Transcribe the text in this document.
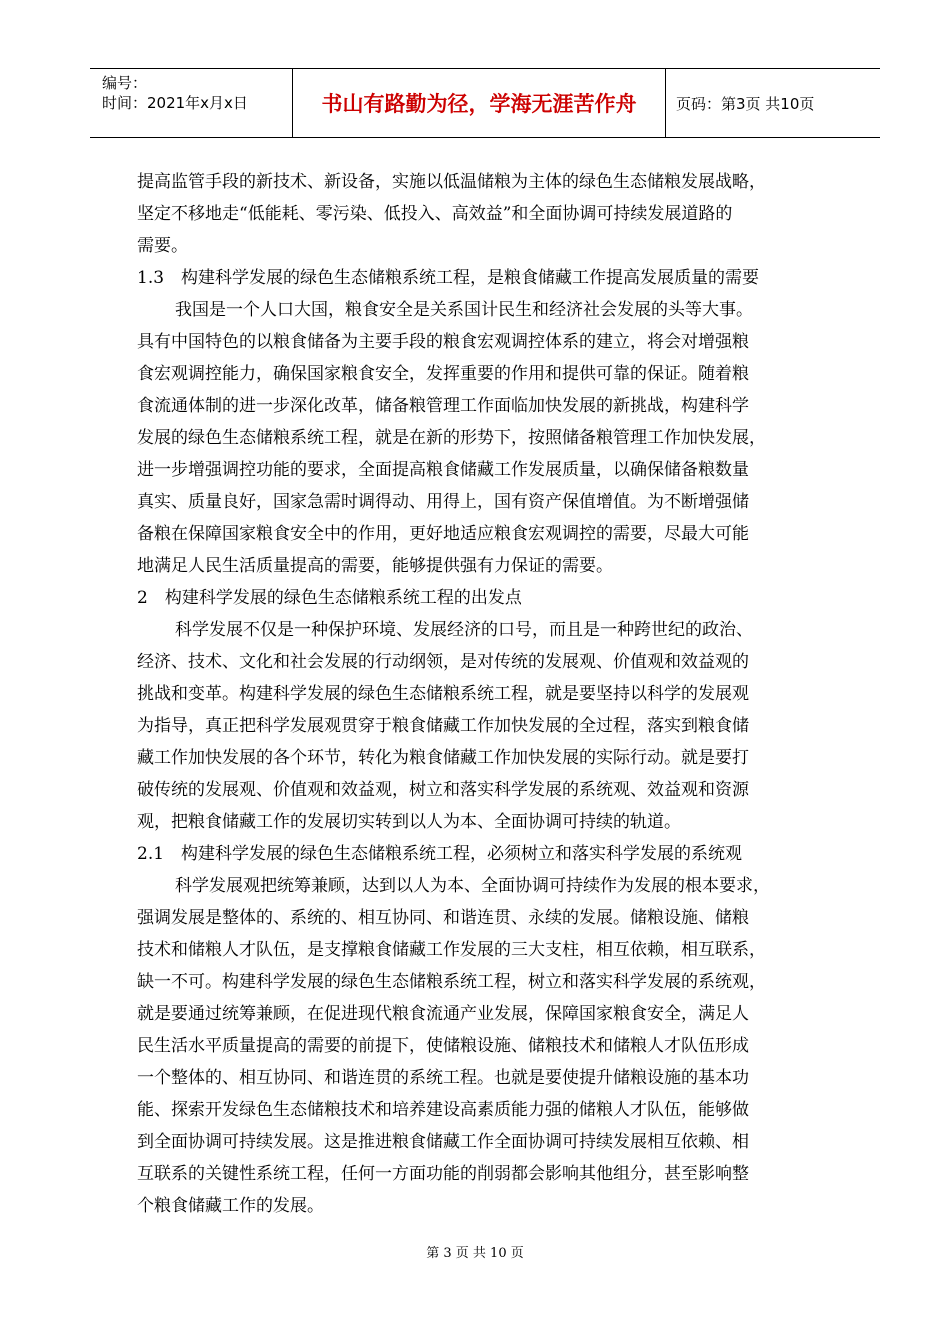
编号：
时间：2021年x月x日	书山有路勤为径，学海无涯苦作舟	页码：第3页 共10页
提高监管手段的新技术、新设备，实施以低温储粮为主体的绿色生态储粮发展战略，
坚定不移地走“低能耗、零污染、低投入、高效益”和全面协调可持续发展道路的
需要。
1.3　构建科学发展的绿色生态储粮系统工程，是粮食储藏工作提高发展质量的需要
我国是一个人口大国，粮食安全是关系国计民生和经济社会发展的头等大事。
具有中国特色的以粮食储备为主要手段的粮食宏观调控体系的建立，将会对增强粮
食宏观调控能力，确保国家粮食安全，发挥重要的作用和提供可靠的保证。随着粮
食流通体制的进一步深化改革，储备粮管理工作面临加快发展的新挑战，构建科学
发展的绿色生态储粮系统工程，就是在新的形势下，按照储备粮管理工作加快发展，
进一步增强调控功能的要求，全面提高粮食储藏工作发展质量，以确保储备粮数量
真实、质量良好，国家急需时调得动、用得上，国有资产保值增值。为不断增强储
备粮在保障国家粮食安全中的作用，更好地适应粮食宏观调控的需要，尽最大可能
地满足人民生活质量提高的需要，能够提供强有力保证的需要。
2　构建科学发展的绿色生态储粮系统工程的出发点
科学发展不仅是一种保护环境、发展经济的口号，而且是一种跨世纪的政治、
经济、技术、文化和社会发展的行动纲领，是对传统的发展观、价值观和效益观的
挑战和变革。构建科学发展的绿色生态储粮系统工程，就是要坚持以科学的发展观
为指导，真正把科学发展观贯穿于粮食储藏工作加快发展的全过程，落实到粮食储
藏工作加快发展的各个环节，转化为粮食储藏工作加快发展的实际行动。就是要打
破传统的发展观、价值观和效益观，树立和落实科学发展的系统观、效益观和资源
观，把粮食储藏工作的发展切实转到以人为本、全面协调可持续的轨道。
2.1　构建科学发展的绿色生态储粮系统工程，必须树立和落实科学发展的系统观
科学发展观把统筹兼顾，达到以人为本、全面协调可持续作为发展的根本要求，
强调发展是整体的、系统的、相互协同、和谐连贯、永续的发展。储粮设施、储粮
技术和储粮人才队伍，是支撑粮食储藏工作发展的三大支柱，相互依赖，相互联系，
缺一不可。构建科学发展的绿色生态储粮系统工程，树立和落实科学发展的系统观，
就是要通过统筹兼顾，在促进现代粮食流通产业发展，保障国家粮食安全，满足人
民生活水平质量提高的需要的前提下，使储粮设施、储粮技术和储粮人才队伍形成
一个整体的、相互协同、和谐连贯的系统工程。也就是要使提升储粮设施的基本功
能、探索开发绿色生态储粮技术和培养建设高素质能力强的储粮人才队伍，能够做
到全面协调可持续发展。这是推进粮食储藏工作全面协调可持续发展相互依赖、相
互联系的关键性系统工程，任何一方面功能的削弱都会影响其他组分，甚至影响整
个粮食储藏工作的发展。
第 3 页 共 10 页
